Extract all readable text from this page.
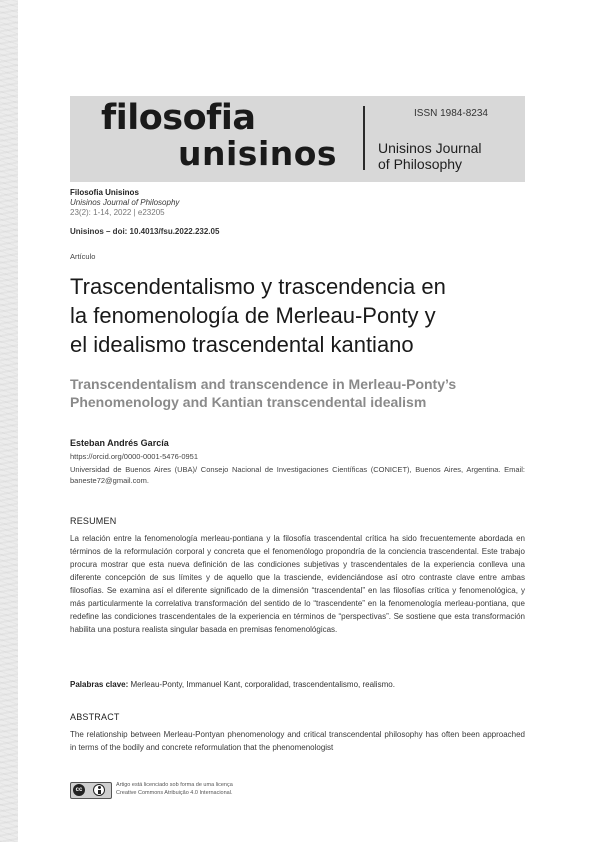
filosofia
unisinos
ISSN 1984-8234
Unisinos Journal
of Philosophy
Filosofia Unisinos
Unisinos Journal of Philosophy
23(2): 1-14, 2022 | e23205
Unisinos – doi: 10.4013/fsu.2022.232.05
Artículo
Trascendentalismo y trascendencia en
la fenomenología de Merleau-Ponty y
el idealismo trascendental kantiano
Transcendentalism and transcendence in Merleau-Ponty’s
Phenomenology and Kantian transcendental idealism
Esteban Andrés García
https://orcid.org/0000-0001-5476-0951
Universidad de Buenos Aires (UBA)/ Consejo Nacional de Investigaciones Científicas (CONICET), Buenos Aires, Argentina. Email: baneste72@gmail.com.
RESUMEN

La relación entre la fenomenología merleau-pontiana y la filosofía trascendental crítica ha sido frecuentemente abordada en términos de la reformulación corporal y concreta que el fenomenólogo propondría de la conciencia trascendental. Este trabajo procura mostrar que esta nueva definición de las condiciones subjetivas y trascendentales de la experiencia conlleva una diferente concepción de sus límites y de aquello que la trasciende, evidenciándose así otro contraste clave entre ambas filosofías. Se examina así el diferente significado de la dimensión “trascendental” en las filosofías crítica y fenomenológica, y más particularmente la correlativa transformación del sentido de lo “trascendente” en la fenomenología merleau-pontiana, que redefine las condiciones trascendentales de la experiencia en términos de “perspectivas”. Se sostiene que esta transformación habilita una postura realista singular basada en premisas fenomenológicas.

Palabras clave: Merleau-Ponty, Immanuel Kant, corporalidad, trascendentalismo, realismo.
ABSTRACT

The relationship between Merleau-Pontyan phenomenology and critical transcendental philosophy has often been approached in terms of the bodily and concrete reformulation that the phenomenologist

cc
Artigo está licenciado sob forma de uma licença
Creative Commons Atribuição 4.0 Internacional.
